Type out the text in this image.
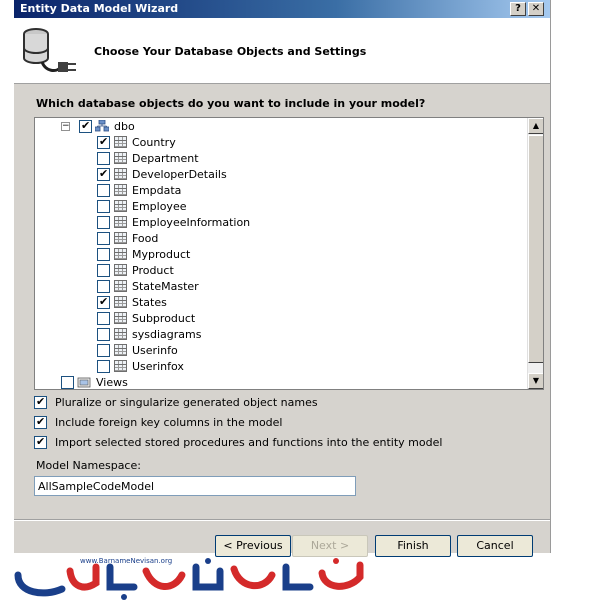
Entity Data Model Wizard	?	✕
Choose Your Database Objects and Settings
Which database objects do you want to include in your model?
−
✔	dbo
✔
Country
Department
✔
DeveloperDetails
Empdata
Employee
EmployeeInformation
Food
Myproduct
Product
StateMaster
✔
States
Subproduct
sysdiagrams
Userinfo
Userinfox
Views
▲
▼
✔
Pluralize or singularize generated object names
✔
Include foreign key columns in the model
✔
Import selected stored procedures and functions into the entity model
Model Namespace:
AllSampleCodeModel
< Previous	Next >	Finish	Cancel
www.BarnameNevisan.org
